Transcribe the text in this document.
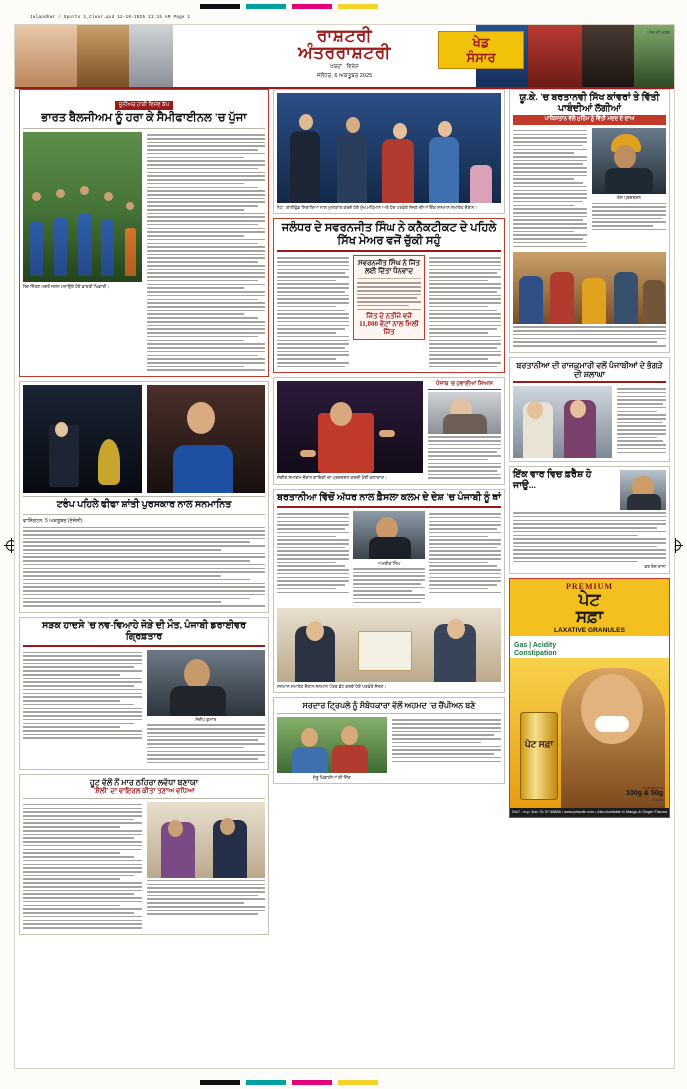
Jalandhar / Sports 1_Clear.qxd 12-10-2025 11:15 AM Page 1
ਰਾਸ਼ਟਰੀ
ਅੰਤਰਰਾਸ਼ਟਰੀ
ਖ਼ਬਰਾਂ . ਵਿਸ਼ੇਸ਼
ਜਲੰਧਰ, 6 ਅਕਤੂਬਰ 2025
ਖੇਡ
ਸੰਸਾਰ
ਅੱਜ ਦੀ ਖ਼ਬਰ
ਜੂਨੀਅਰ ਹਾਕੀ ਵਿਸ਼ਵ ਕੱਪ
ਭਾਰਤ ਬੈਲਜੀਅਮ ਨੂੰ ਹਰਾ ਕੇ ਸੈਮੀਫਾਈਨਲ 'ਚ ਪੁੱਜਾ
ਮੈਚ ਜਿੱਤਣ ਮਗਰੋਂ ਜਸ਼ਨ ਮਨਾਉਂਦੇ ਹੋਏ ਭਾਰਤੀ ਖਿਡਾਰੀ।
ਟਰੰਪ ਪਹਿਲੇ ਫੀਫਾ ਸ਼ਾਂਤੀ ਪੁਰਸਕਾਰ ਨਾਲ ਸਨਮਾਨਿਤ
ਵਾਸ਼ਿੰਗਟਨ, 5 ਅਕਤੂਬਰ (ਏਜੰਸੀ)
ਸੜਕ ਹਾਦਸੇ 'ਚ ਨਵ-ਵਿਆਹੇ ਜੋੜੇ ਦੀ ਮੌਤ, ਪੰਜਾਬੀ ਡਰਾਈਵਰ ਗ੍ਰਿਫ਼ਤਾਰ
ਸੰਦੀਪ ਕੁਮਾਰ
ਹੂਟ ਵੱਲੋਂ ਨੌਂ ਮਾਰ ਠਹਿਰਾ ਲਵੱਧਾ ਬਣਾਯਾ
'ਸ਼ੈਲੀ' ਦਾ ਵਾਇਰਲ ਕੀਤਾ ਤਣਾਅ ਵਧਿਆ
ਨੋਟ : ਬਾਲੀਵੁੱਡ ਸਿਤਾਰਿਆਂ ਨਾਲ ਮੁਲਾਕਾਤ ਕਰਦੇ ਹੋਏ ਮੁੱਖ ਮਹਿਮਾਨ ਅਤੇ ਹੋਰ ਪਤਵੰਤੇ ਸੱਜਣ ਦੀਆਂ ਇੱਕ ਸਨਮਾਨ ਸਮਾਰੋਹ ਦੌਰਾਨ।
ਜਲੰਧਰ ਦੇ ਸਵਰਨਜੀਤ ਸਿੰਘ ਨੇ ਕਨੈਕਟੀਕਟ ਦੇ ਪਹਿਲੇ ਸਿੱਖ ਮੇਅਰ ਵਜੋਂ ਚੁੱਕੀ ਸਹੁੰ
ਸਵਰਨਜੀਤ ਸਿੰਘ ਨੇ ਜਿੱਤ ਲਈ ਦਿੱਤਾ ਧੰਨਵਾਦ
ਜਿੱਤ ਦੇ ਨਤੀਜੇ ਵਜੋਂ 11,000 ਵੋਟਾਂ ਨਾਲ ਮਿਲੀ ਜਿੱਤ
ਸੰਗੀਤ ਸਮਾਗਮ ਦੌਰਾਨ ਗਾਇਕੀ ਦਾ ਪ੍ਰਦਰਸ਼ਨ ਕਰਦੀ ਹੋਈ ਕਲਾਕਾਰ।
ਪੰਜਾਬ 'ਚ ਹਵਾਈਆਂ ਸਿਆਸ
ਬਰਤਾਨੀਆ ਵਿੱਚੋਂ ਅੱਧਰ ਨਾਲ ਫ਼ੈਸਲਾ ਕਲਮ ਦੇ ਦੇਸ਼ 'ਚ ਪੰਜਾਬੀ ਨੂੰ ਥਾਂ
ਅਮਰੀਕ ਸਿੰਘ
ਸਨਮਾਨ ਸਮਾਰੋਹ ਦੌਰਾਨ ਸਨਮਾਨ ਪੱਤਰ ਭੇਂਟ ਕਰਦੇ ਹੋਏ ਪਤਵੰਤੇ ਸੱਜਣ।
ਸਰਦਾਰ ਟ੍ਰਿਪਲੇ ਨੂੰ ਸੰਬੋਧਕਾਰਾ ਵੱਲੋਂ ਅਹਮਦ 'ਚ ਚੈਂਪੀਅਨ ਬਣੇ
ਜੇਤੂ ਖਿਡਾਰੀਆਂ ਦੀ ਜਿੱਤ
ਯੂ.ਕੇ. 'ਚ ਬਰਤਾਨਵੀ ਸਿੱਖ ਕਾਂਵਰਾਂ ਤੇ ਵਿੱਤੀ ਪਾਬੰਦੀਆਂ ਲੱਗੀਆਂ
ਪਾਕਿਸਤਾਨ ਵੱਲੋਂ ਮੁਹਿੰਮ ਨੂੰ ਵਿੱਤੀ ਮਦਦ ਦੇ ਦਾਅ
ਰੋਸ ਪ੍ਰਦਰਸ਼ਨ
ਬਰਤਾਨੀਆ ਦੀ ਰਾਜਕੁਮਾਰੀ ਵਲੋਂ ਪੰਜਾਬੀਆਂ ਦੇ ਭੰਗੜੇ ਦੀ ਸ਼ਲਾਘਾ
ਇੱਕ ਵਾਰ ਵਿਚ ਫ਼ਰੈੱਸ਼ ਹੋ ਜਾਉ...
ਵਰ ਰੋਜ਼ ਦਾਨਾ
PREMIUM
ਪੇਟ
ਸਫ਼ਾ
LAXATIVE GRANULES
Gas | Acidity
Constipation
ਪੇਟ ਸਫ਼ਾ
Available in
100g & 50g
Packs
24x7 : m.p. line: 01 57 88888 • www.petsafe.com • Also Available in Mango & Ginger Flavour
